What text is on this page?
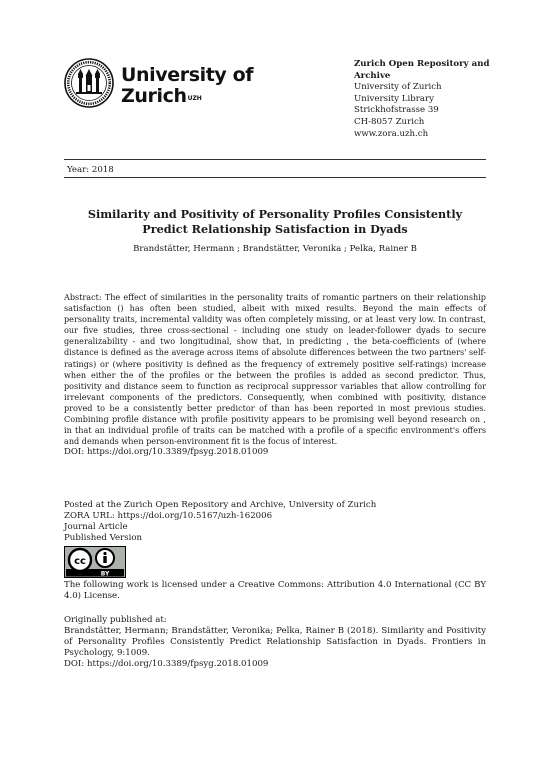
University of
Zurich$^{UZH}$
Zurich Open Repository and Archive
University of Zurich
University Library
Strickhofstrasse 39
CH-8057 Zurich
www.zora.uzh.ch
Year: 2018
Similarity and Positivity of Personality Profiles Consistently Predict Relationship Satisfaction in Dyads
Brandstätter, Hermann ; Brandstätter, Veronika ; Pelka, Rainer B
Abstract: The effect of similarities in the personality traits of romantic partners on their relationship satisfaction () has often been studied, albeit with mixed results. Beyond the main effects of personality traits, incremental validity was often completely missing, or at least very low. In contrast, our five studies, three cross-sectional - including one study on leader-follower dyads to secure generalizability - and two longitudinal, show that, in predicting , the beta-coefficients of (where distance is defined as the average across items of absolute differences between the two partners' self-ratings) or (where positivity is defined as the frequency of extremely positive self-ratings) increase when either the of the profiles or the between the profiles is added as second predictor. Thus, positivity and distance seem to function as reciprocal suppressor variables that allow controlling for irrelevant components of the predictors. Consequently, when combined with positivity, distance proved to be a consistently better predictor of than has been reported in most previous studies. Combining profile distance with profile positivity appears to be promising well beyond research on , in that an individual profile of traits can be matched with a profile of a specific environment's offers and demands when person-environment fit is the focus of interest.
DOI: https://doi.org/10.3389/fpsyg.2018.01009
Posted at the Zurich Open Repository and Archive, University of Zurich
ZORA URL: https://doi.org/10.5167/uzh-162006
Journal Article
Published Version
cc
BY
The following work is licensed under a Creative Commons: Attribution 4.0 International (CC BY 4.0) License.
Originally published at:
Brandstätter, Hermann; Brandstätter, Veronika; Pelka, Rainer B (2018). Similarity and Positivity of Personality Profiles Consistently Predict Relationship Satisfaction in Dyads. Frontiers in Psychology, 9:1009.
DOI: https://doi.org/10.3389/fpsyg.2018.01009
